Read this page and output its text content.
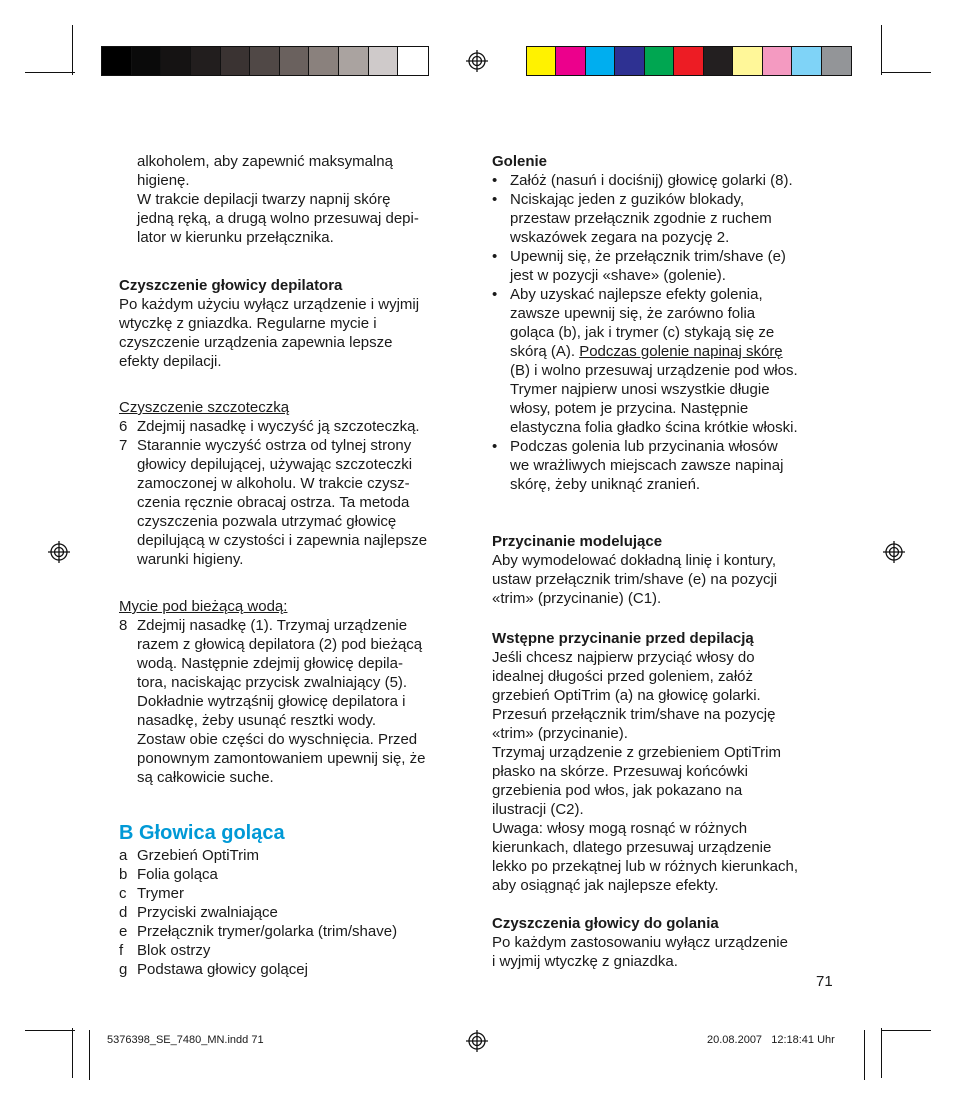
alkoholem, aby zapewnić maksymalną

higienę.

W trakcie depilacji twarzy napnij skórę

jedną ręką, a drugą wolno przesuwaj depi-

lator w kierunku przełącznika.

Czyszczenie głowicy depilatora

Po każdym użyciu wyłącz urządzenie i wyjmij

wtyczkę z gniazdka. Regularne mycie i

czyszczenie urządzenia zapewnia lepsze

efekty depilacji.

Czyszczenie szczoteczką

6 Zdejmij nasadkę i wyczyść ją szczoteczką.

7 Starannie wyczyść ostrza od tylnej strony

głowicy depilującej, używając szczoteczki

zamoczonej w alkoholu. W trakcie czysz-

czenia ręcznie obracaj ostrza. Ta metoda

czyszczenia pozwala utrzymać głowicę

depilującą w czystości i zapewnia najlepsze

warunki higieny.

Mycie pod bieżącą wodą:

8 Zdejmij nasadkę (1). Trzymaj urządzenie

razem z głowicą depilatora (2) pod bieżącą

wodą. Następnie zdejmij głowicę depila-

tora, naciskając przycisk zwalniający (5).

Dokładnie wytrząśnij głowicę depilatora i

nasadkę, żeby usunąć resztki wody.

Zostaw obie części do wyschnięcia. Przed

ponownym zamontowaniem upewnij się, że

są całkowicie suche.

B Głowica goląca

a Grzebień OptiTrim
b Folia goląca
c Trymer
d Przyciski zwalniające
e Przełącznik trymer/golarka (trim/shave)
f Blok ostrzy
g Podstawa głowicy golącej

Golenie

• Załóż (nasuń i dociśnij) głowicę golarki (8).

• Nciskając jeden z guzików blokady,

przestaw przełącznik zgodnie z ruchem

wskazówek zegara na pozycję 2.

• Upewnij się, że przełącznik trim/shave (e)

jest w pozycji «shave» (golenie).

• Aby uzyskać najlepsze efekty golenia,

zawsze upewnij się, że zarówno folia

goląca (b), jak i trymer (c) stykają się ze

skórą (A). Podczas golenie napinaj skórę

(B) i wolno przesuwaj urządzenie pod włos.

Trymer najpierw unosi wszystkie długie

włosy, potem je przycina. Następnie

elastyczna folia gładko ścina krótkie włoski.

• Podczas golenia lub przycinania włosów

we wrażliwych miejscach zawsze napinaj

skórę, żeby uniknąć zranień.

Przycinanie modelujące

Aby wymodelować dokładną linię i kontury,

ustaw przełącznik trim/shave (e) na pozycji

«trim» (przycinanie) (C1).

Wstępne przycinanie przed depilacją

Jeśli chcesz najpierw przyciąć włosy do

idealnej długości przed goleniem, załóż

grzebień OptiTrim (a) na głowicę golarki.

Przesuń przełącznik trim/shave na pozycję

«trim» (przycinanie).

Trzymaj urządzenie z grzebieniem OptiTrim

płasko na skórze. Przesuwaj końcówki

grzebienia pod włos, jak pokazano na

ilustracji (C2).

Uwaga: włosy mogą rosnąć w różnych

kierunkach, dlatego przesuwaj urządzenie

lekko po przekątnej lub w różnych kierunkach,

aby osiągnąć jak najlepsze efekty.

Czyszczenia głowicy do golania

Po każdym zastosowaniu wyłącz urządzenie

i wyjmij wtyczkę z gniazdka.

71
5376398_SE_7480_MN.indd 71	20.08.2007   12:18:41 Uhr
